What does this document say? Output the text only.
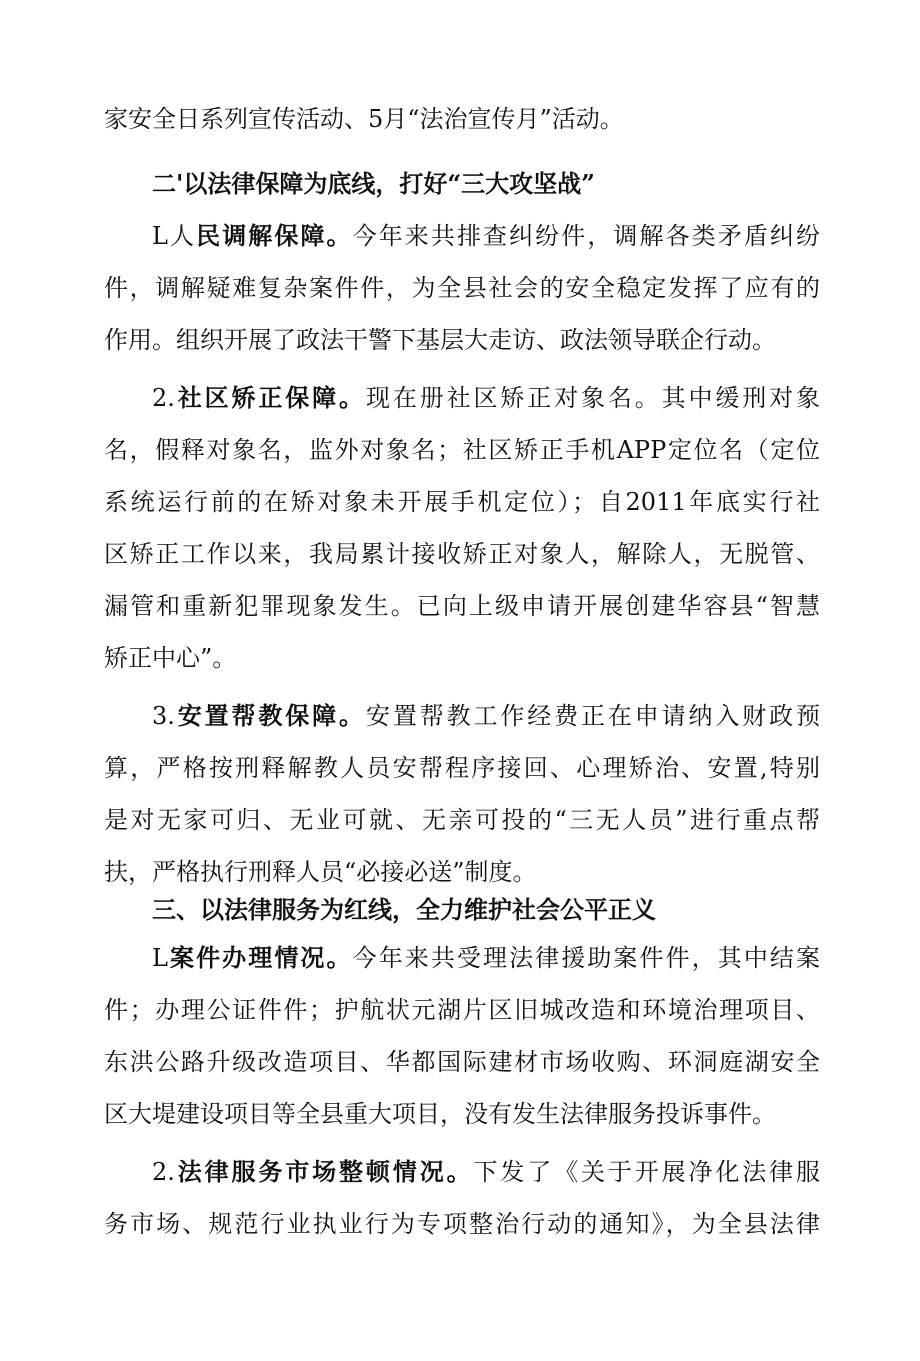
家安全日系列宣传活动、5月“法治宣传月”活动。
二'以法律保障为底线，打好“三大攻坚战”
L人民调解保障。今年来共排查纠纷件，调解各类矛盾纠纷
件，调解疑难复杂案件件，为全县社会的安全稳定发挥了应有的
作用。组织开展了政法干警下基层大走访、政法领导联企行动。
2.社区矫正保障。现在册社区矫正对象名。其中缓刑对象
名，假释对象名，监外对象名；社区矫正手机APP定位名（定位
系统运行前的在矫对象未开展手机定位）；自2011年底实行社
区矫正工作以来，我局累计接收矫正对象人，解除人，无脱管、
漏管和重新犯罪现象发生。已向上级申请开展创建华容县“智慧
矫正中心”。
3.安置帮教保障。安置帮教工作经费正在申请纳入财政预
算，严格按刑释解教人员安帮程序接回、心理矫治、安置,特别
是对无家可归、无业可就、无亲可投的“三无人员”进行重点帮
扶，严格执行刑释人员“必接必送”制度。
三、以法律服务为红线，全力维护社会公平正义
L案件办理情况。今年来共受理法律援助案件件，其中结案
件；办理公证件件；护航状元湖片区旧城改造和环境治理项目、
东洪公路升级改造项目、华都国际建材市场收购、环洞庭湖安全
区大堤建设项目等全县重大项目，没有发生法律服务投诉事件。
2.法律服务市场整顿情况。下发了《关于开展净化法律服
务市场、规范行业执业行为专项整治行动的通知》，为全县法律
